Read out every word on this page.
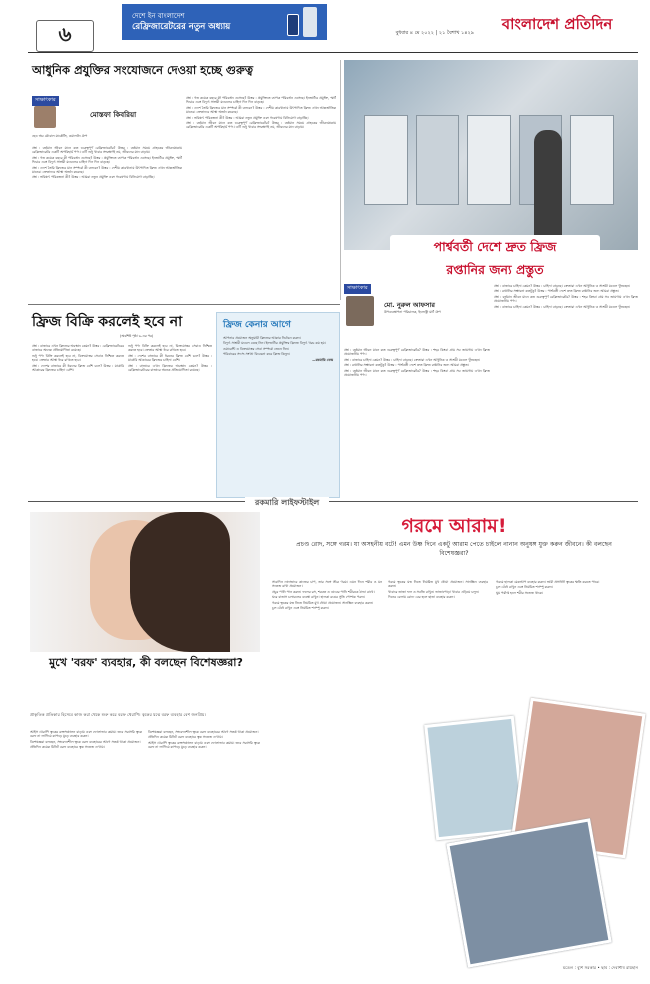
৬
দেশে ইন বাংলাদেশ
রেফ্রিজারেটরের নতুন অধ্যায়
বুধবার ৪ মে ২০২২ | ২১ বৈশাখ ১৪২৯
বাংলাদেশ প্রতিদিন
আধুনিক প্রযুক্তির সংযোজনে দেওয়া হচ্ছে গুরুত্ব
সাক্ষাৎকার
মোস্তফা কিবরিয়া
হেড অব গ্লোবাল মার্কেটিং, ওয়ালটন গ্রুপ

প্রশ্ন : বর্তমান জীবন মানে কত গুরুত্বপূর্ণ রেফ্রিজারেটর? উত্তর : বর্তমান সময়ে গ্রাহকের জীবনযাত্রায় রেফ্রিজারেটর একটি অপরিহার্য পণ্য। এটি শুধু খাবার সংরক্ষণই নয়, জীবনের মান বাড়ায়।

প্রশ্ন : গত কয়েক বছরে কী পরিবর্তন এসেছে? উত্তর : প্রযুক্তিতে ব্যাপক পরিবর্তন এসেছে। ইনভার্টার প্রযুক্তি, স্মার্ট ফিচার এবং বিদ্যুৎ সাশ্রয়ী মডেলের চাহিদা দিন দিন বাড়ছে।

প্রশ্ন : দেশে তৈরি ফ্রিজের মান সম্পর্কে কী বলবেন? উত্তর : দেশীয় কারখানায় উৎপাদিত ফ্রিজ এখন আন্তর্জাতিক মানের। ক্রেতাদের আস্থা অর্জন করেছে।

প্রশ্ন : ভবিষ্যৎ পরিকল্পনা কী? উত্তর : আমরা নতুন প্রযুক্তি এবং গবেষণায় বিনিয়োগ বাড়াচ্ছি।

প্রশ্ন : গত কয়েক বছরে কী পরিবর্তন এসেছে? উত্তর : প্রযুক্তিতে ব্যাপক পরিবর্তন এসেছে। ইনভার্টার প্রযুক্তি, স্মার্ট ফিচার এবং বিদ্যুৎ সাশ্রয়ী মডেলের চাহিদা দিন দিন বাড়ছে।

প্রশ্ন : দেশে তৈরি ফ্রিজের মান সম্পর্কে কী বলবেন? উত্তর : দেশীয় কারখানায় উৎপাদিত ফ্রিজ এখন আন্তর্জাতিক মানের। ক্রেতাদের আস্থা অর্জন করেছে।

প্রশ্ন : ভবিষ্যৎ পরিকল্পনা কী? উত্তর : আমরা নতুন প্রযুক্তি এবং গবেষণায় বিনিয়োগ বাড়াচ্ছি।

প্রশ্ন : বর্তমান জীবন মানে কত গুরুত্বপূর্ণ রেফ্রিজারেটর? উত্তর : বর্তমান সময়ে গ্রাহকের জীবনযাত্রায় রেফ্রিজারেটর একটি অপরিহার্য পণ্য। এটি শুধু খাবার সংরক্ষণই নয়, জীবনের মান বাড়ায়।

পার্শ্ববর্তী দেশে দ্রুত ফ্রিজ
রপ্তানির জন্য প্রস্তুত
সাক্ষাৎকার
মো. নুরুল আফসার
উপব্যবস্থাপনা পরিচালক, ইলেক্ট্রো মার্ট গ্রুপ

প্রশ্ন : বর্তমান জীবন মানে কত গুরুত্বপূর্ণ রেফ্রিজারেটর? উত্তর : শহর কিংবা গ্রাম সব জায়গায় এখন ফ্রিজ প্রয়োজনীয় পণ্য।

প্রশ্ন : বাজারে চাহিদা কেমন? উত্তর : চাহিদা বাড়ছে। ক্রেতারা এখন আধুনিক ও সাশ্রয়ী মডেল খুঁজছেন।

প্রশ্ন : রপ্তানির সম্ভাবনা কতটুকু? উত্তর : পার্শ্ববর্তী দেশে দ্রুত ফ্রিজ রপ্তানির জন্য আমরা প্রস্তুত।

প্রশ্ন : বর্তমান জীবন মানে কত গুরুত্বপূর্ণ রেফ্রিজারেটর? উত্তর : শহর কিংবা গ্রাম সব জায়গায় এখন ফ্রিজ প্রয়োজনীয় পণ্য।

প্রশ্ন : বাজারে চাহিদা কেমন? উত্তর : চাহিদা বাড়ছে। ক্রেতারা এখন আধুনিক ও সাশ্রয়ী মডেল খুঁজছেন।

প্রশ্ন : রপ্তানির সম্ভাবনা কতটুকু? উত্তর : পার্শ্ববর্তী দেশে দ্রুত ফ্রিজ রপ্তানির জন্য আমরা প্রস্তুত।

প্রশ্ন : বর্তমান জীবন মানে কত গুরুত্বপূর্ণ রেফ্রিজারেটর? উত্তর : শহর কিংবা গ্রাম সব জায়গায় এখন ফ্রিজ প্রয়োজনীয় পণ্য।

প্রশ্ন : বাজারে চাহিদা কেমন? উত্তর : চাহিদা বাড়ছে। ক্রেতারা এখন আধুনিক ও সাশ্রয়ী মডেল খুঁজছেন।

ফ্রিজ বিক্রি করলেই হবে না
(অবশিষ্ট পৃষ্ঠা ৬-এর পর)

প্রশ্ন : বাজারে এখন ফ্রিজের অবস্থান কেমন? উত্তর : রেফ্রিজারেটরের বাজারে অনেক প্রতিযোগিতা রয়েছে।

শুধু পণ্য বিক্রি করলেই হবে না, বিক্রয়োত্তর সেবাও নিশ্চিত করতে হবে। ক্রেতার আস্থা ধরে রাখতে হবে।

প্রশ্ন : দেশের বাজারে কী ধরনের ফ্রিজ বেশি চলে? উত্তর : মাঝারি আকারের ফ্রিজের চাহিদা বেশি।

শুধু পণ্য বিক্রি করলেই হবে না, বিক্রয়োত্তর সেবাও নিশ্চিত করতে হবে। ক্রেতার আস্থা ধরে রাখতে হবে।

প্রশ্ন : দেশের বাজারে কী ধরনের ফ্রিজ বেশি চলে? উত্তর : মাঝারি আকারের ফ্রিজের চাহিদা বেশি।

প্রশ্ন : বাজারে এখন ফ্রিজের অবস্থান কেমন? উত্তর : রেফ্রিজারেটরের বাজারে অনেক প্রতিযোগিতা রয়েছে।

ফ্রিজ কেনার আগে

আপনার প্রয়োজন অনুযায়ী ফ্রিজের আকার নির্বাচন করুন।

বিদ্যুৎ সাশ্রয়ী মডেল বেছে নিন। ইনভার্টার প্রযুক্তির ফ্রিজে বিদ্যুৎ খরচ কম হয়।

ওয়ারেন্টি ও বিক্রয়োত্তর সেবা সম্পর্কে জেনে নিন।

পরিবারের সদস্য সংখ্যা বিবেচনা করে ফ্রিজ কিনুন।

—রকমারি ডেস্ক

রকমারি লাইফস্টাইল
গরমে আরাম!
প্রচণ্ড রোদ, সঙ্গে গরম। যা অসহনীয় বটে! এমন উষ্ণ দিনে একটু আরাম পেতে চাইলে নানান অনুষঙ্গ যুক্ত করুন জীবনে। কী বলছেন বিশেষজ্ঞরা?

সারাদিন নানাভাবে কাজের চাপ, তার সঙ্গে তীব্র গরম। এমন দিনে শরীর ও মন সতেজ রাখা প্রয়োজন।

প্রচুর পানি পান করুন। ফলের রস, শরবত ও ডাবের পানি শরীরকে ঠান্ডা রাখে।

ঘরে বাতাস চলাচলের ব্যবস্থা রাখুন। হালকা রঙের সুতি পোশাক পরুন।

গরমে ত্বকের যত্ন নিতে নিয়মিত মুখ ধোয়া প্রয়োজন। সানস্ক্রিন ব্যবহার করুন।

চুল বেঁধে রাখুন এবং নিয়মিত শ্যাম্পু করুন।

গরমে ত্বকের যত্ন নিতে নিয়মিত মুখ ধোয়া প্রয়োজন। সানস্ক্রিন ব্যবহার করুন।

খাবারে তাজা ফল ও সবজি রাখুন। ভাজাপোড়া খাবার এড়িয়ে চলুন।

দিনের বেলায় রোদে বের হলে ছাতা ব্যবহার করুন।

গরমে হালকা মেকআপ ব্যবহার করুন। ভারী প্রসাধনী ত্বকের ক্ষতি করতে পারে।

চুল বেঁধে রাখুন এবং নিয়মিত শ্যাম্পু করুন।

ঘুম পর্যাপ্ত হলে শরীর সতেজ থাকে।

মডেল : বুশি সরকার • ছবি : দেবাশীষ রায়হান
মুখে 'বরফ' ব্যবহার, কী বলছেন বিশেষজ্ঞরা?
প্রাকৃতিক প্রতিকার হিসেবে কাজ করা থেকে শুরু করে বরফ থেরাপি। ত্বকের যত্নে বরফ ব্যবহার বেশ জনপ্রিয়।

আইস থেরাপি ত্বকের রক্তসঞ্চালন বাড়ায় এবং ফোলাভাব কমায়। তবে সরাসরি ত্বকে বরফ না লাগিয়ে কাপড়ে মুড়ে ব্যবহার করুন।

বিশেষজ্ঞরা বলছেন, সংবেদনশীল ত্বকে বরফ ব্যবহারের আগে সতর্ক থাকা প্রয়োজন।

প্রতিদিন কয়েক মিনিট বরফ ব্যবহারে ত্বক সতেজ দেখায়।

বিশেষজ্ঞরা বলছেন, সংবেদনশীল ত্বকে বরফ ব্যবহারের আগে সতর্ক থাকা প্রয়োজন।

প্রতিদিন কয়েক মিনিট বরফ ব্যবহারে ত্বক সতেজ দেখায়।

আইস থেরাপি ত্বকের রক্তসঞ্চালন বাড়ায় এবং ফোলাভাব কমায়। তবে সরাসরি ত্বকে বরফ না লাগিয়ে কাপড়ে মুড়ে ব্যবহার করুন।
